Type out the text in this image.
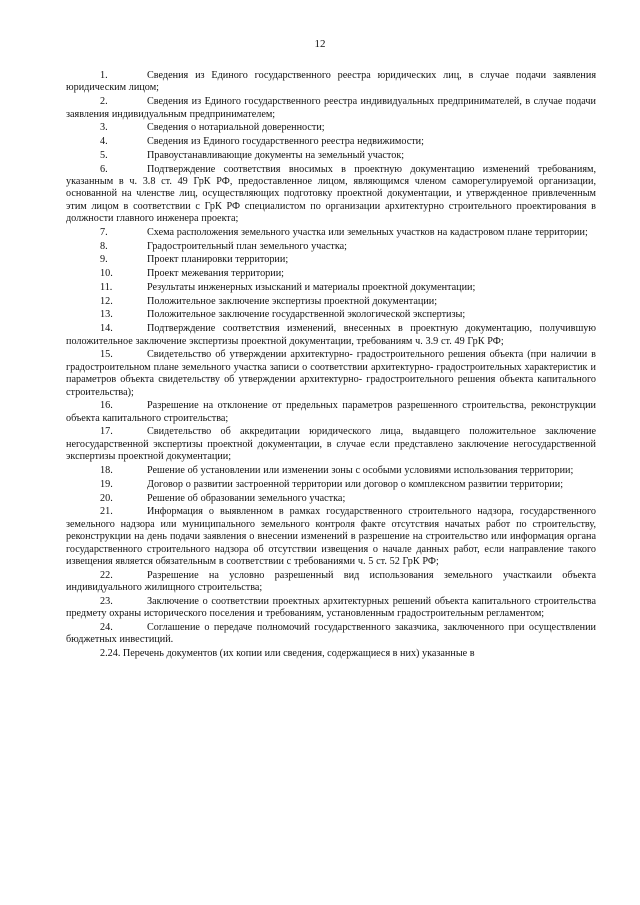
12

1.	Сведения из Единого государственного реестра юридических лиц, в случае подачи заявления юридическим лицом;

2.	Сведения из Единого государственного реестра индивидуальных предпринимателей, в случае подачи заявления индивидуальным предпринимателем;

3.	Сведения о нотариальной доверенности;

4.	Сведения из Единого государственного реестра недвижимости;

5.	Правоустанавливающие документы на земельный участок;

6.	Подтверждение соответствия вносимых в проектную документацию изменений требованиям, указанным в ч. 3.8 ст. 49 ГрК РФ, предоставленное лицом, являющимся членом саморегулируемой организации, основанной на членстве лиц, осуществляющих подготовку проектной документации, и утвержденное привлеченным этим лицом в соответствии с ГрК РФ специалистом по организации архитектурно строительного проектирования в должности главного инженера проекта;

7.	Схема расположения земельного участка или земельных участков на кадастровом плане территории;

8.	Градостроительный план земельного участка;

9.	Проект планировки территории;

10.	Проект межевания территории;

11.	Результаты инженерных изысканий и материалы проектной документации;

12.	Положительное заключение экспертизы проектной документации;

13.	Положительное заключение государственной экологической экспертизы;

14.	Подтверждение соответствия изменений, внесенных в проектную документацию, получившую положительное заключение экспертизы проектной документации, требованиям ч. 3.9 ст. 49 ГрК РФ;

15.	Свидетельство об утверждении архитектурно- градостроительного решения объекта (при наличии в градостроительном плане земельного участка записи о соответствии архитектурно- градостроительных характеристик и параметров объекта свидетельству об утверждении архитектурно- градостроительного решения объекта капитального строительства);

16.	Разрешение на отклонение от предельных параметров разрешенного строительства, реконструкции объекта капитального строительства;

17.	Свидетельство об аккредитации юридического лица, выдавщего положительное заключение негосударственной экспертизы проектной документации, в случае если представлено заключение негосударственной экспертизы проектной документации;

18.	Решение об установлении или изменении зоны с особыми условиями использования территории;

19.	Договор о развитии застроенной территории или договор о комплексном развитии территории;

20.	Решение об образовании земельного участка;

21.	Информация о выявленном в рамках государственного строительного надзора, государственного земельного надзора или муниципального земельного контроля факте отсутствия начатых работ по строительству, реконструкции на день подачи заявления о внесении изменений в разрешение на строительство или информация органа государственного строительного надзора об отсутствии извещения о начале данных работ, если направление такого извещения является обязательным в соответствии с требованиями ч. 5 ст. 52 ГрК РФ;

22.	Разрешение на условно разрешенный вид использования земельного участкаили объекта индивидуального жилищного строительства;

23.	Заключение о соответствии проектных архитектурных решений объекта капитального строительства предмету охраны исторического поселения и требованиям, установленным градостроительным регламентом;

24.	Соглашение о передаче полномочий государственного заказчика, заключенного при осуществлении бюджетных инвестиций.

2.24. Перечень документов (их копии или сведения, содержащиеся в них) указанные в
